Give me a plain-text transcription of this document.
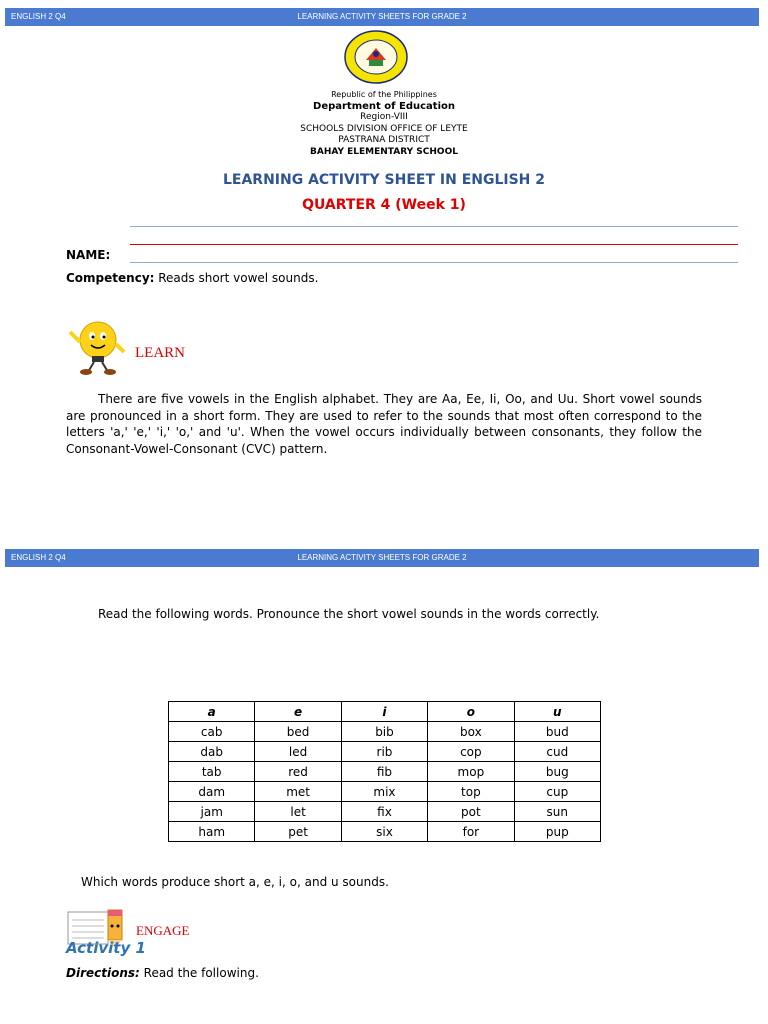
ENGLISH 2 Q4	LEARNING ACTIVITY SHEETS FOR GRADE 2
Republic of the Philippines
Department of Education
Region-VIII
SCHOOLS DIVISION OFFICE OF LEYTE
PASTRANA DISTRICT
BAHAY ELEMENTARY SCHOOL
LEARNING ACTIVITY SHEET IN ENGLISH 2
QUARTER 4 (Week 1)
NAME:
Competency: Reads short vowel sounds.
LEARN
There are five vowels in the English alphabet. They are Aa, Ee, Ii, Oo, and Uu. Short vowel sounds are pronounced in a short form. They are used to refer to the sounds that most often correspond to the letters 'a,' 'e,' 'i,' 'o,' and 'u'. When the vowel occurs individually between consonants, they follow the Consonant-Vowel-Consonant (CVC) pattern.
ENGLISH 2 Q4	LEARNING ACTIVITY SHEETS FOR GRADE 2
Read the following words. Pronounce the short vowel sounds in the words correctly.
a	e	i	o	u
cab	bed	bib	box	bud
dab	led	rib	cop	cud
tab	red	fib	mop	bug
dam	met	mix	top	cup
jam	let	fix	pot	sun
ham	pet	six	for	pup
Which words produce short a, e, i, o, and u sounds.
ENGAGE
Activity 1
Directions: Read the following.
